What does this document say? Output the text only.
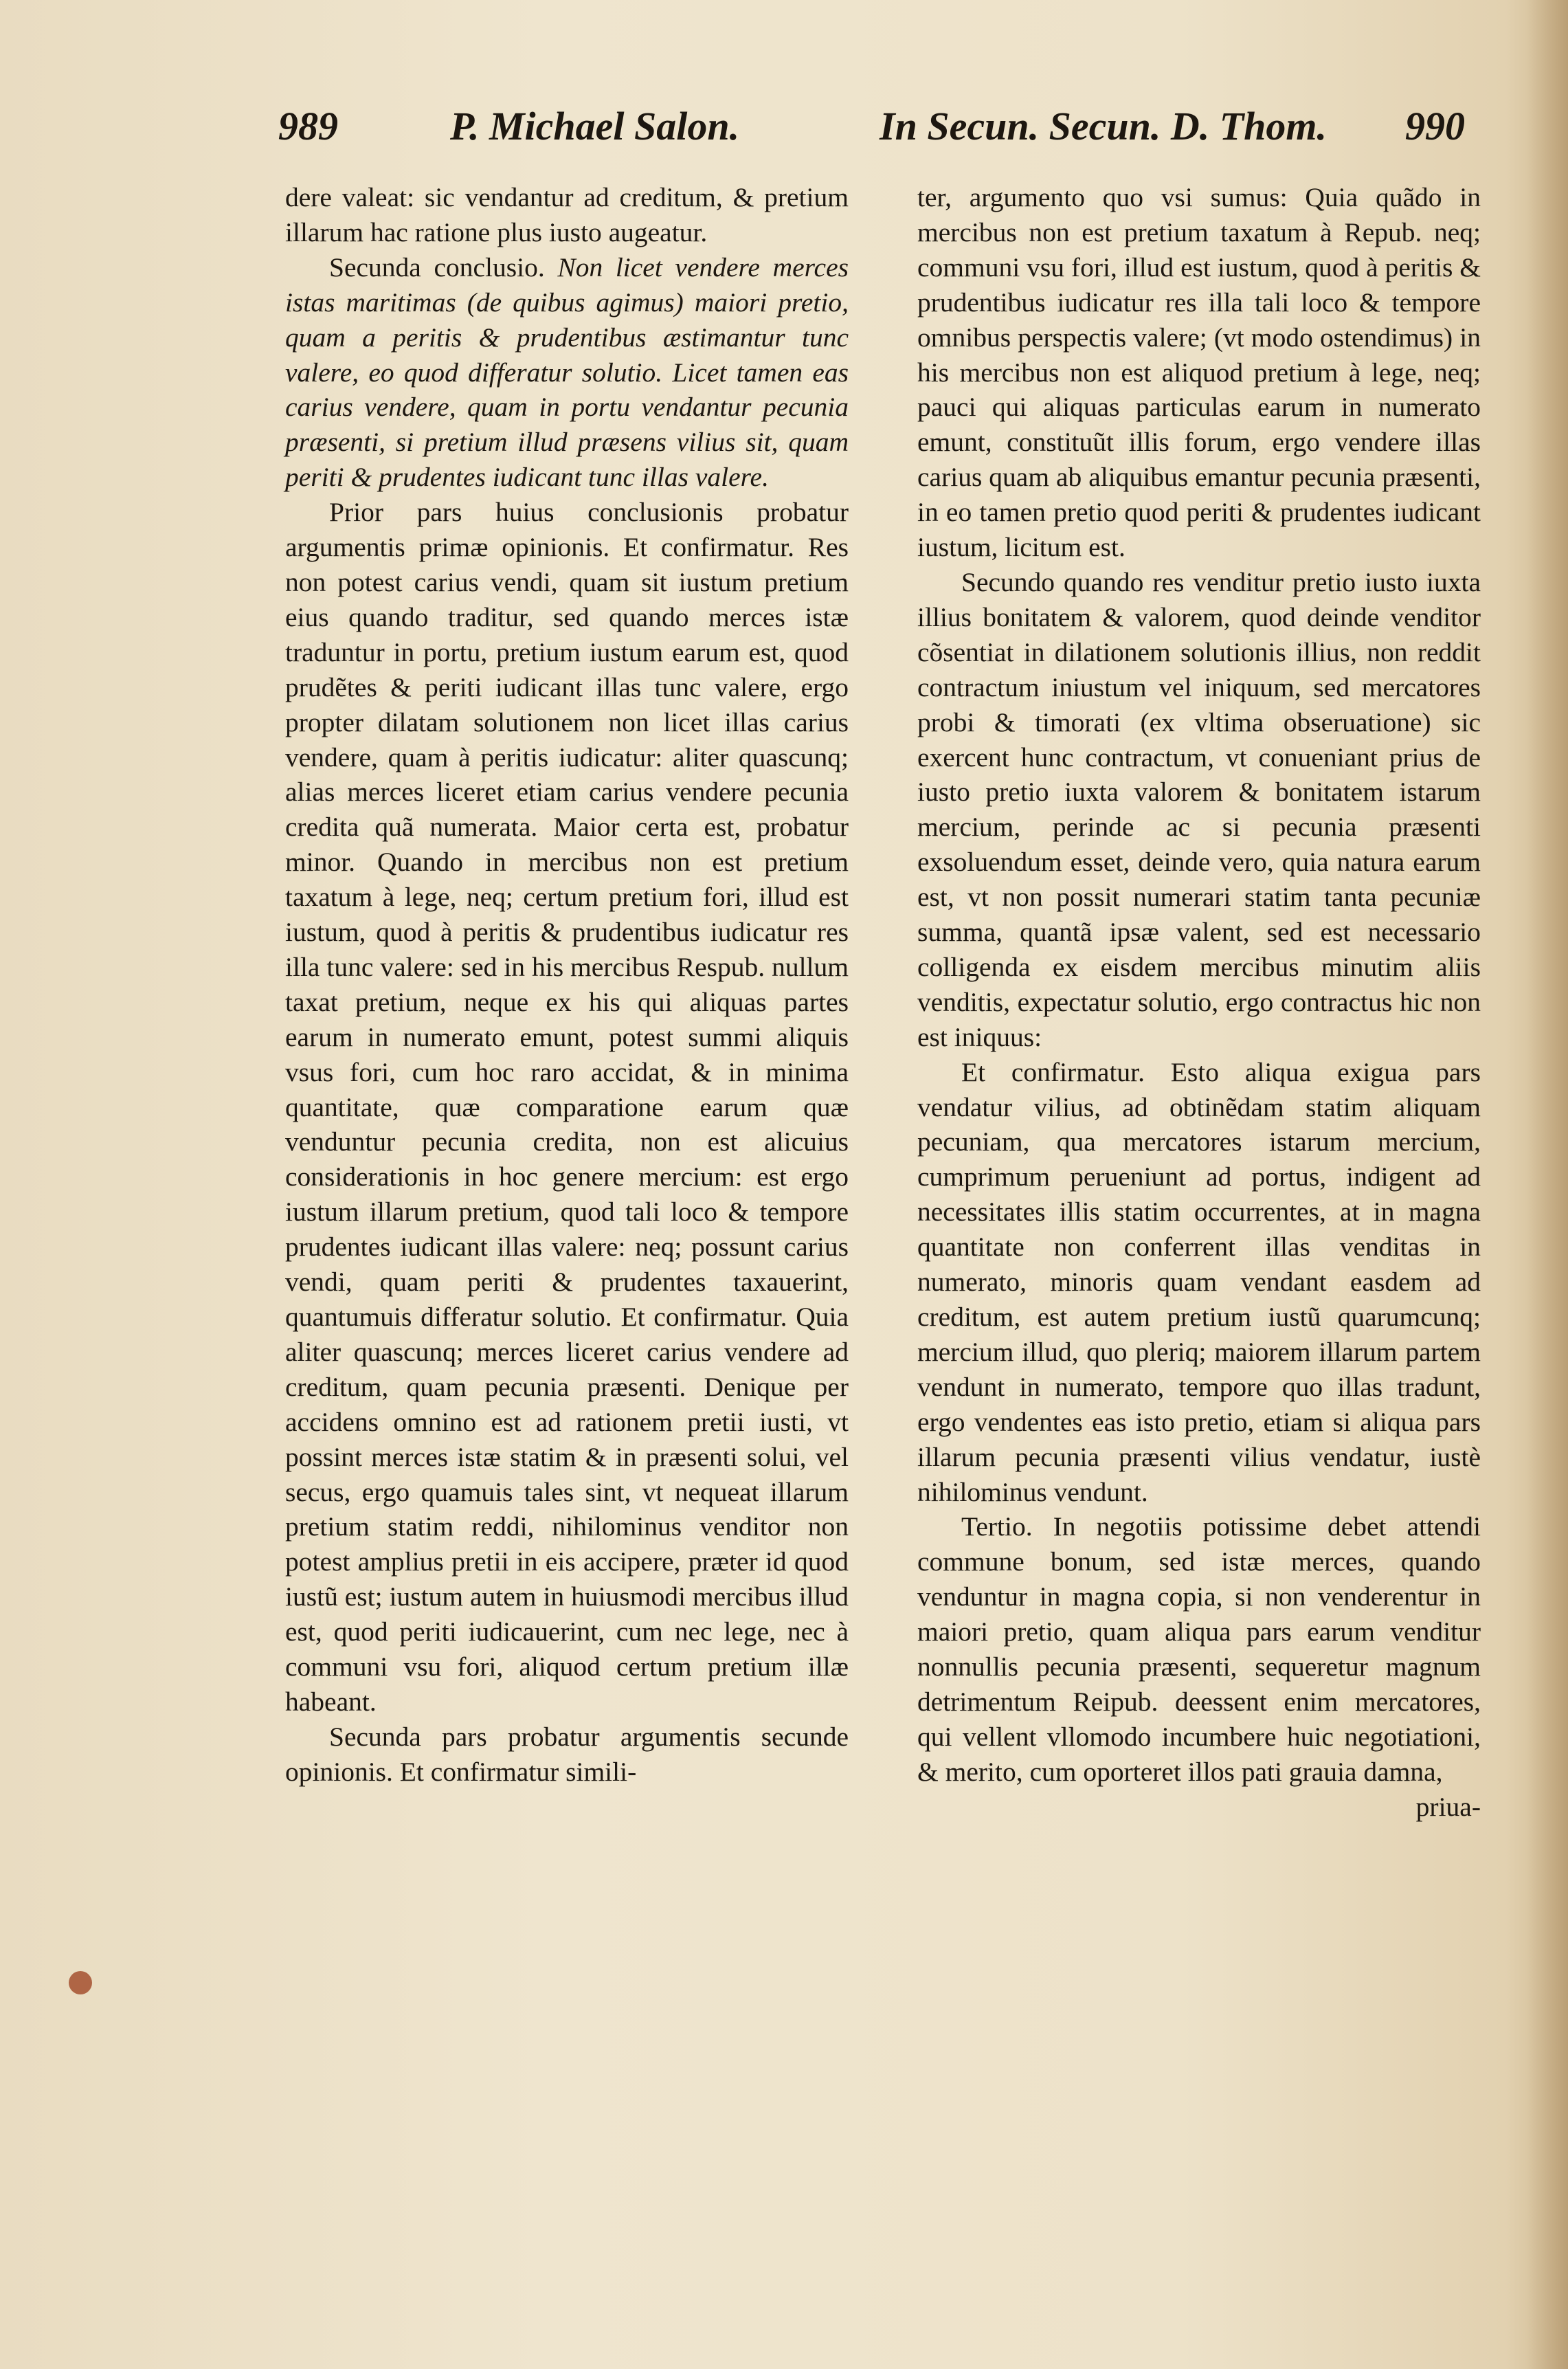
989	P. Michael Salon.	In Secun. Secun. D. Thom. 990

dere valeat: sic vendantur ad creditum, & pretium illarum hac ratione plus iusto augeatur.

Secunda conclusio. Non licet vendere merces istas maritimas (de quibus agimus) maiori pretio, quam a peritis & prudentibus æstimantur tunc valere, eo quod differatur solutio. Licet tamen eas carius vendere, quam in portu vendantur pecunia præsenti, si pretium illud præsens vilius sit, quam periti & prudentes iudicant tunc illas valere.

Prior pars huius conclusionis probatur argumentis primæ opinionis. Et confirmatur. Res non potest carius vendi, quam sit iustum pretium eius quando traditur, sed quando merces istæ traduntur in portu, pretium iustum earum est, quod prudẽtes & periti iudicant illas tunc valere, ergo propter dilatam solutionem non licet illas carius vendere, quam à peritis iudicatur: aliter quascunq; alias merces liceret etiam carius vendere pecunia credita quã numerata. Maior certa est, probatur minor. Quando in mercibus non est pretium taxatum à lege, neq; certum pretium fori, illud est iustum, quod à peritis & prudentibus iudicatur res illa tunc valere: sed in his mercibus Respub. nullum taxat pretium, neque ex his qui aliquas partes earum in numerato emunt, potest summi aliquis vsus fori, cum hoc raro accidat, & in minima quantitate, quæ comparatione earum quæ venduntur pecunia credita, non est alicuius considerationis in hoc genere mercium: est ergo iustum illarum pretium, quod tali loco & tempore prudentes iudicant illas valere: neq; possunt carius vendi, quam periti & prudentes taxauerint, quantumuis differatur solutio. Et confirmatur. Quia aliter quascunq; merces liceret carius vendere ad creditum, quam pecunia præsenti. Denique per accidens omnino est ad rationem pretii iusti, vt possint merces istæ statim & in præsenti solui, vel secus, ergo quamuis tales sint, vt nequeat illarum pretium statim reddi, nihilominus venditor non potest amplius pretii in eis accipere, præter id quod iustũ est; iustum autem in huiusmodi mercibus illud est, quod periti iudicauerint, cum nec lege, nec à communi vsu fori, aliquod certum pretium illæ habeant.

Secunda pars probatur argumentis secunde opinionis. Et confirmatur simili-

ter, argumento quo vsi sumus: Quia quãdo in mercibus non est pretium taxatum à Repub. neq; communi vsu fori, illud est iustum, quod à peritis & prudentibus iudicatur res illa tali loco & tempore omnibus perspectis valere; (vt modo ostendimus) in his mercibus non est aliquod pretium à lege, neq; pauci qui aliquas particulas earum in numerato emunt, constituũt illis forum, ergo vendere illas carius quam ab aliquibus emantur pecunia præsenti, in eo tamen pretio quod periti & prudentes iudicant iustum, licitum est.

Secundo quando res venditur pretio iusto iuxta illius bonitatem & valorem, quod deinde venditor cõsentiat in dilationem solutionis illius, non reddit contractum iniustum vel iniquum, sed mercatores probi & timorati (ex vltima obseruatione) sic exercent hunc contractum, vt conueniant prius de iusto pretio iuxta valorem & bonitatem istarum mercium, perinde ac si pecunia præsenti exsoluendum esset, deinde vero, quia natura earum est, vt non possit numerari statim tanta pecuniæ summa, quantã ipsæ valent, sed est necessario colligenda ex eisdem mercibus minutim aliis venditis, expectatur solutio, ergo contractus hic non est iniquus:

Et confirmatur. Esto aliqua exigua pars vendatur vilius, ad obtinẽdam statim aliquam pecuniam, qua mercatores istarum mercium, cumprimum perueniunt ad portus, indigent ad necessitates illis statim occurrentes, at in magna quantitate non conferrent illas venditas in numerato, minoris quam vendant easdem ad creditum, est autem pretium iustũ quarumcunq; mercium illud, quo pleriq; maiorem illarum partem vendunt in numerato, tempore quo illas tradunt, ergo vendentes eas isto pretio, etiam si aliqua pars illarum pecunia præsenti vilius vendatur, iustè nihilominus vendunt.

Tertio. In negotiis potissime debet attendi commune bonum, sed istæ merces, quando venduntur in magna copia, si non venderentur in maiori pretio, quam aliqua pars earum venditur nonnullis pecunia præsenti, sequeretur magnum detrimentum Reipub. deessent enim mercatores, qui vellent vllomodo incumbere huic negotiationi, & merito, cum oporteret illos pati grauia damna,

priua-
